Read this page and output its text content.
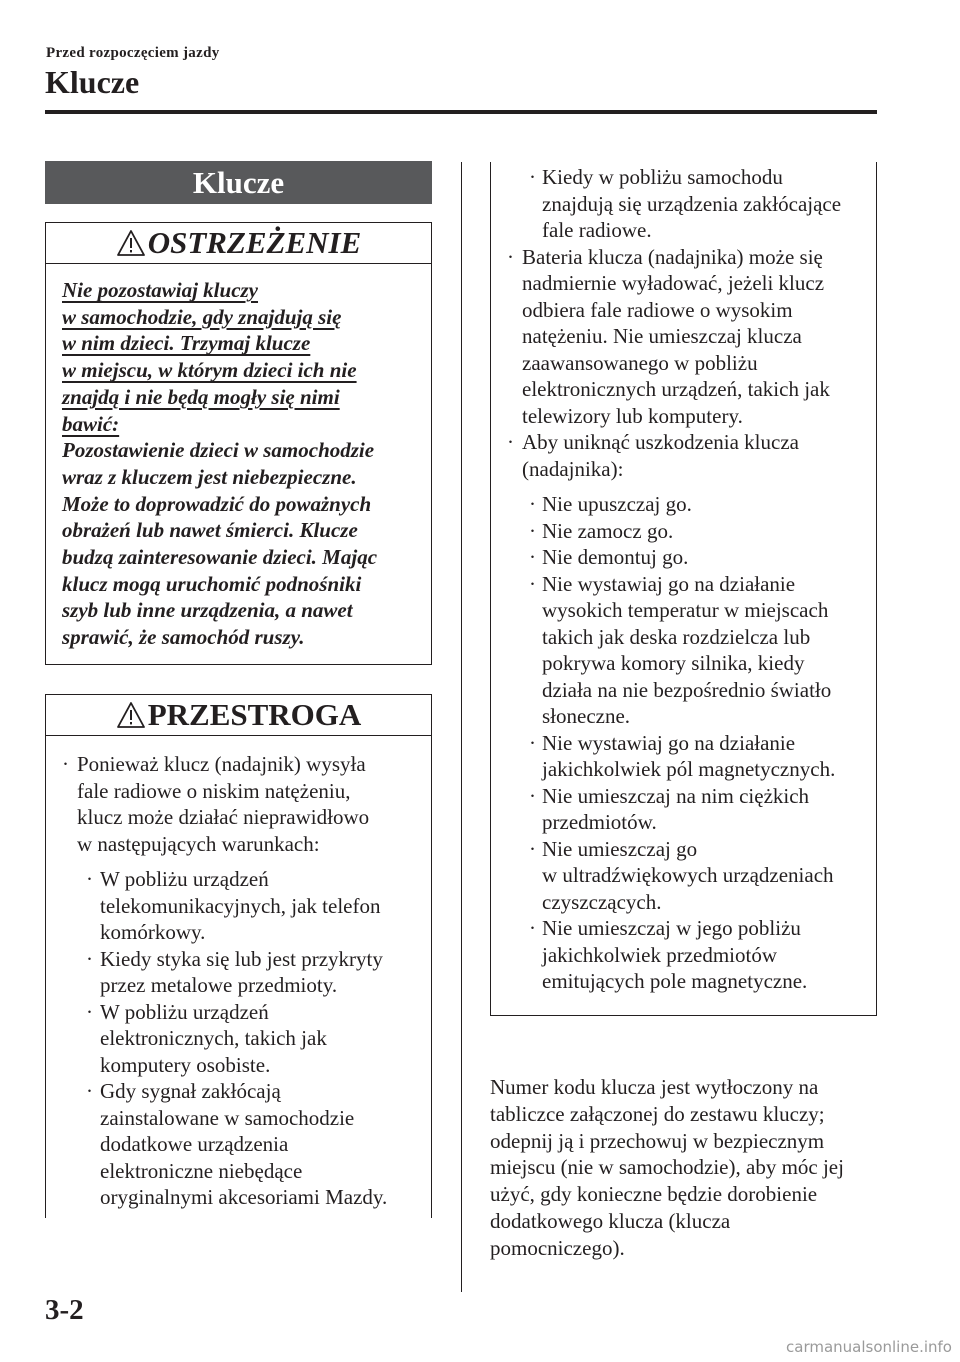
Przed rozpoczęciem jazdy
Klucze
Klucze
OSTRZEŻENIE
Nie pozostawiaj kluczy
w samochodzie, gdy znajdują się
w nim dzieci. Trzymaj klucze
w miejscu, w którym dzieci ich nie
znajdą i nie będą mogły się nimi
bawić:
Pozostawienie dzieci w samochodzie
wraz z kluczem jest niebezpieczne.
Może to doprowadzić do poważnych
obrażeń lub nawet śmierci. Klucze
budzą zainteresowanie dzieci. Mając
klucz mogą uruchomić podnośniki
szyb lub inne urządzenia, a nawet
sprawić, że samochód ruszy.
PRZESTROGA
· Ponieważ klucz (nadajnik) wysyła
fale radiowe o niskim natężeniu,
klucz może działać nieprawidłowo
w następujących warunkach:
· W pobliżu urządzeń
telekomunikacyjnych, jak telefon
komórkowy.
· Kiedy styka się lub jest przykryty
przez metalowe przedmioty.
· W pobliżu urządzeń
elektronicznych, takich jak
komputery osobiste.
· Gdy sygnał zakłócają
zainstalowane w samochodzie
dodatkowe urządzenia
elektroniczne niebędące
oryginalnymi akcesoriami Mazdy.
· Kiedy w pobliżu samochodu
znajdują się urządzenia zakłócające
fale radiowe.
· Bateria klucza (nadajnika) może się
nadmiernie wyładować, jeżeli klucz
odbiera fale radiowe o wysokim
natężeniu. Nie umieszczaj klucza
zaawansowanego w pobliżu
elektronicznych urządzeń, takich jak
telewizory lub komputery.
· Aby uniknąć uszkodzenia klucza
(nadajnika):
· Nie upuszczaj go.
· Nie zamocz go.
· Nie demontuj go.
· Nie wystawiaj go na działanie
wysokich temperatur w miejscach
takich jak deska rozdzielcza lub
pokrywa komory silnika, kiedy
działa na nie bezpośrednio światło
słoneczne.
· Nie wystawiaj go na działanie
jakichkolwiek pól magnetycznych.
· Nie umieszczaj na nim ciężkich
przedmiotów.
· Nie umieszczaj go
w ultradźwiękowych urządzeniach
czyszczących.
· Nie umieszczaj w jego pobliżu
jakichkolwiek przedmiotów
emitujących pole magnetyczne.
Numer kodu klucza jest wytłoczony na
tabliczce załączonej do zestawu kluczy;
odepnij ją i przechowuj w bezpiecznym
miejscu (nie w samochodzie), aby móc jej
użyć, gdy konieczne będzie dorobienie
dodatkowego klucza (klucza
pomocniczego).
3-2
carmanualsonline.info
